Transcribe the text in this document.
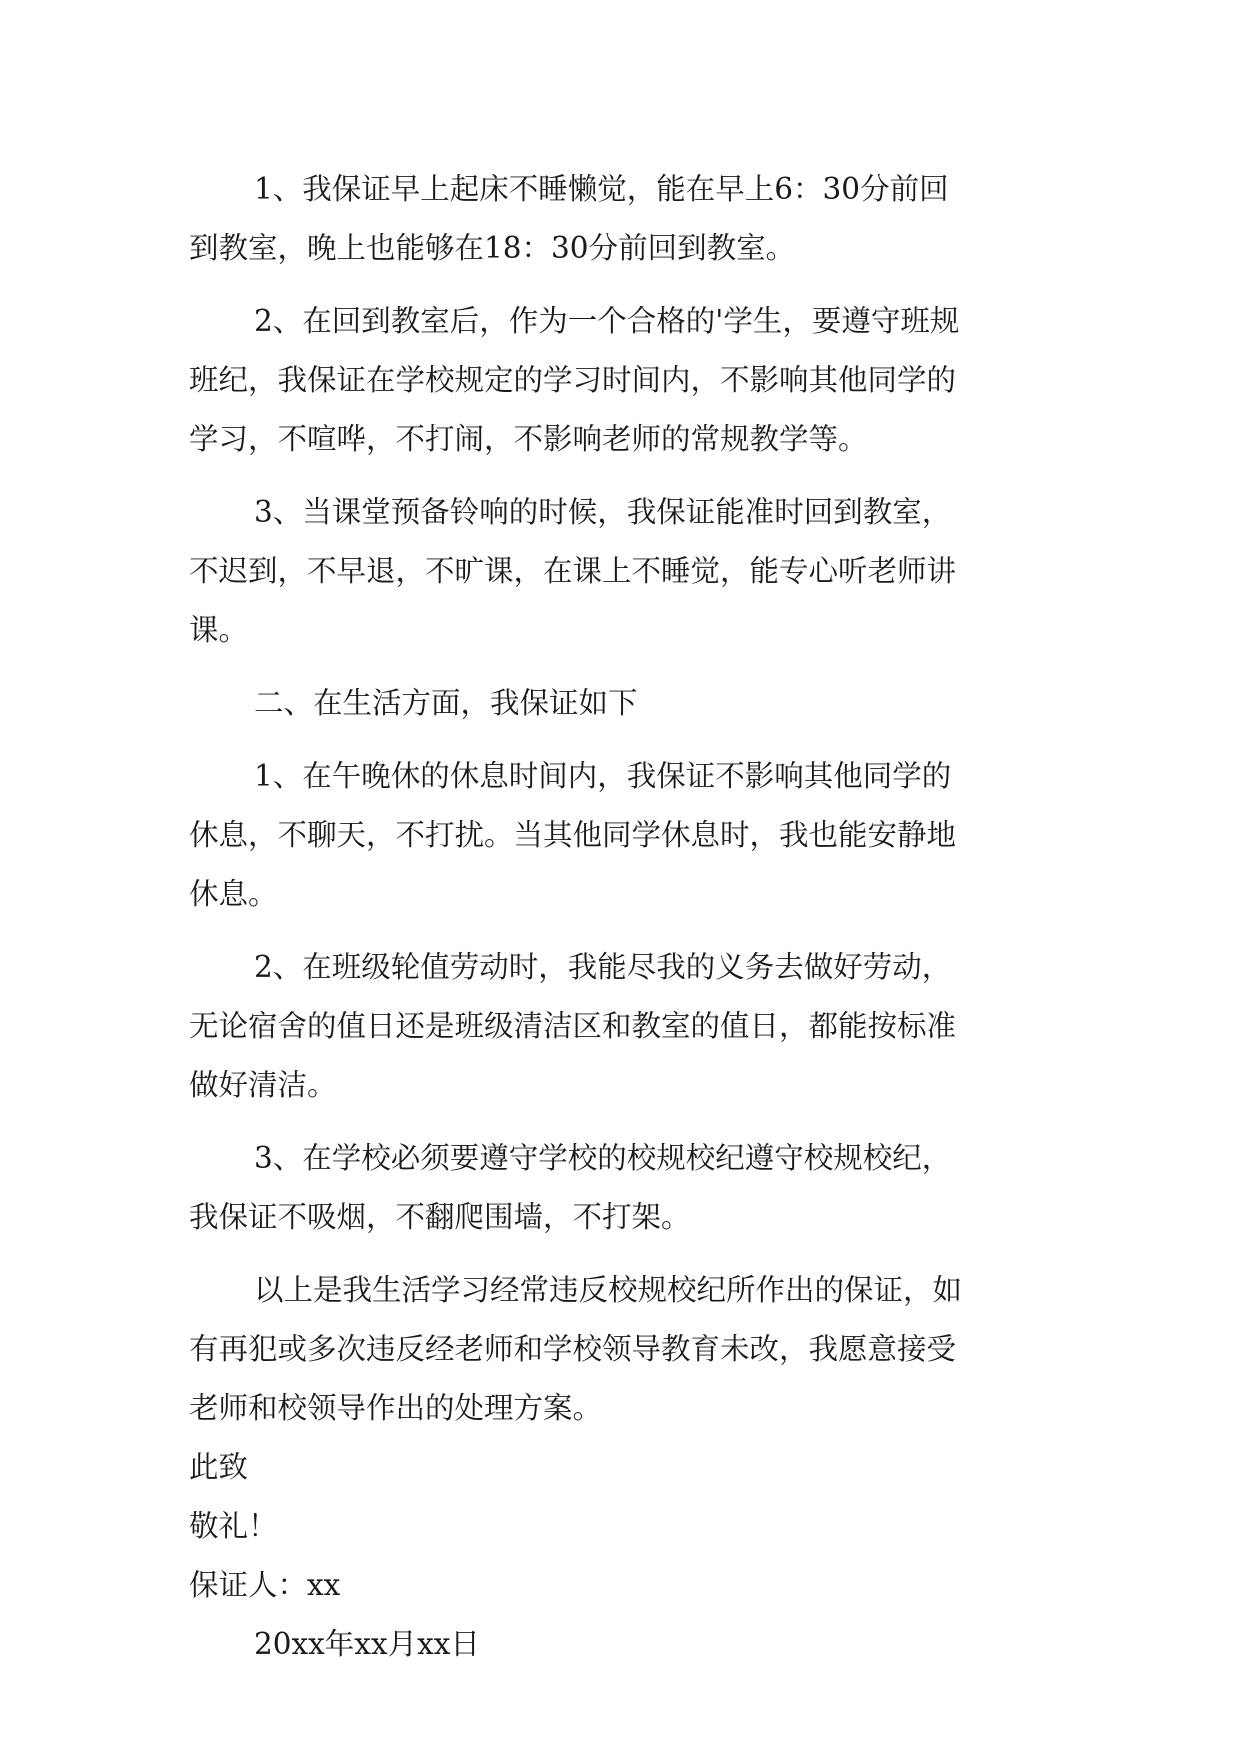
1、我保证早上起床不睡懒觉，能在早上6：30分前回
到教室，晚上也能够在18：30分前回到教室。
2、在回到教室后，作为一个合格的'学生，要遵守班规
班纪，我保证在学校规定的学习时间内，不影响其他同学的
学习，不喧哗，不打闹，不影响老师的常规教学等。
3、当课堂预备铃响的时候，我保证能准时回到教室，
不迟到，不早退，不旷课，在课上不睡觉，能专心听老师讲
课。
二、在生活方面，我保证如下
1、在午晚休的休息时间内，我保证不影响其他同学的
休息，不聊天，不打扰。当其他同学休息时，我也能安静地
休息。
2、在班级轮值劳动时，我能尽我的义务去做好劳动，
无论宿舍的值日还是班级清洁区和教室的值日，都能按标准
做好清洁。
3、在学校必须要遵守学校的校规校纪遵守校规校纪，
我保证不吸烟，不翻爬围墙，不打架。
以上是我生活学习经常违反校规校纪所作出的保证，如
有再犯或多次违反经老师和学校领导教育未改，我愿意接受
老师和校领导作出的处理方案。
此致
敬礼！
保证人：xx
20xx年xx月xx日
